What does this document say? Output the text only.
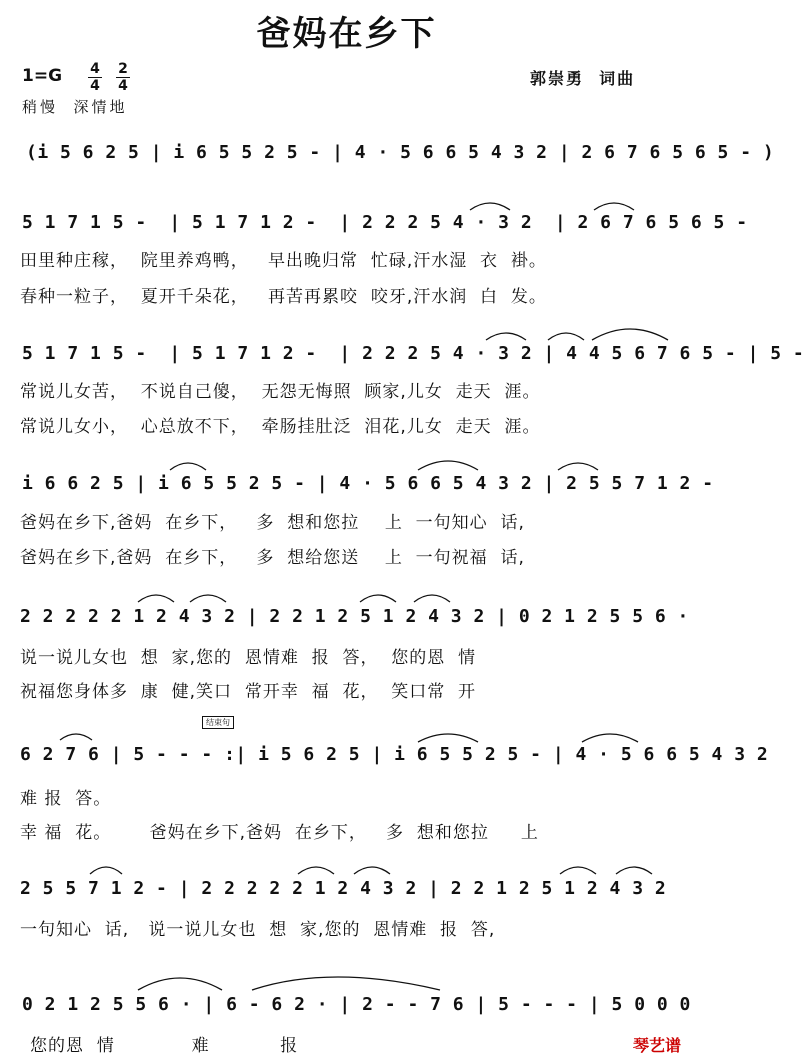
爸妈在乡下
1=G 4
4
2
4
稍慢  深情地
郭崇勇  词曲
(i 5 6 2 5 | i 6 5 5 2 5 - | 4 · 5 6 6 5 4 3 2 | 2 6 7 6 5 6 5 - )
5 1 7 1 5 -  | 5 1 7 1 2 -  | 2 2 2 5 4 · 3 2  | 2 6 7 6 5 6 5 -
田里种庄稼，  院里养鸡鸭，   早出晚归常  忙碌,汗水湿  衣  褂。
春种一粒子，  夏开千朵花，   再苦再累咬  咬牙,汗水润  白  发。
5 1 7 1 5 -  | 5 1 7 1 2 -  | 2 2 2 5 4 · 3 2 | 4 4 5 6 7 6 5 - | 5 -
常说儿女苦，  不说自己傻，  无怨无悔照  顾家,儿女  走天  涯。
常说儿女小，  心总放不下，  牵肠挂肚泛  泪花,儿女  走天  涯。
i 6 6 2 5 | i 6 5 5 2 5 - | 4 · 5 6 6 5 4 3 2 | 2 5 5 7 1 2 -
爸妈在乡下,爸妈  在乡下，   多  想和您拉    上  一句知心  话,
爸妈在乡下,爸妈  在乡下，   多  想给您送    上  一句祝福  话,
2 2 2 2 2 1 2 4 3 2 | 2 2 1 2 5 1 2 4 3 2 | 0 2 1 2 5 5 6 ·
说一说儿女也  想  家,您的  恩情难  报  答，  您的恩  情
祝福您身体多  康  健,笑口  常开幸  福  花，  笑口常  开
结束句
6 2 7 6 | 5 - - - :| i 5 6 2 5 | i 6 5 5 2 5 - | 4 · 5 6 6 5 4 3 2
难 报  答。
幸 福  花。      爸妈在乡下,爸妈  在乡下，   多  想和您拉     上
2 5 5 7 1 2 - | 2 2 2 2 2 1 2 4 3 2 | 2 2 1 2 5 1 2 4 3 2
一句知心  话,   说一说儿女也  想  家,您的  恩情难  报  答,
0 2 1 2 5 5 6 · | 6 - 6 2 · | 2 - - 7 6 | 5 - - - | 5 0 0 0
您的恩  情            难           报	琴艺谱
